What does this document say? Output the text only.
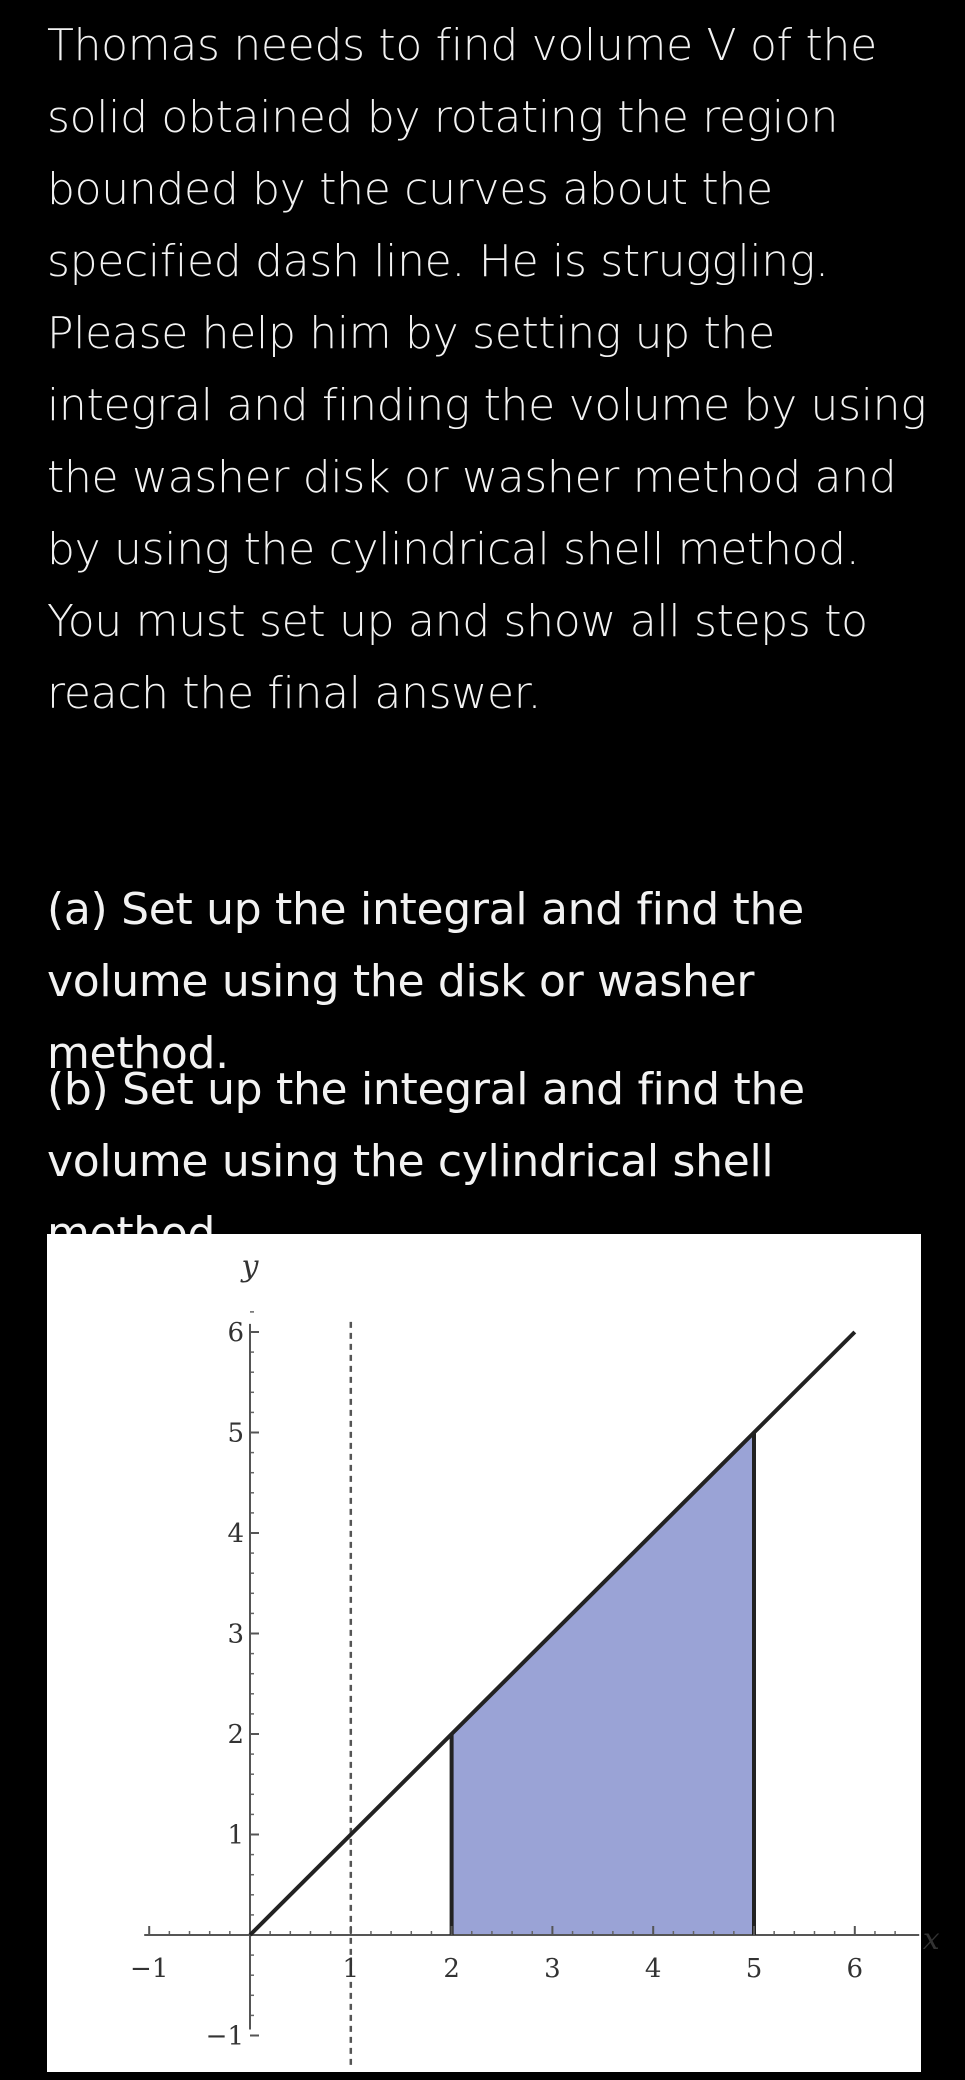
Thomas needs to find volume V of the solid obtained by rotating the region bounded by the curves about the specified dash line. He is struggling. Please help him by setting up the integral and finding the volume by using the washer disk or washer method and by using the cylindrical shell method. You must set up and show all steps to reach the final answer.
(a) Set up the integral and find the volume using the disk or washer method.
(b) Set up the integral and find the volume using the cylindrical shell
−1	1	2	3	4	5	6
−1
1
2
3
4
5
6
x
y
